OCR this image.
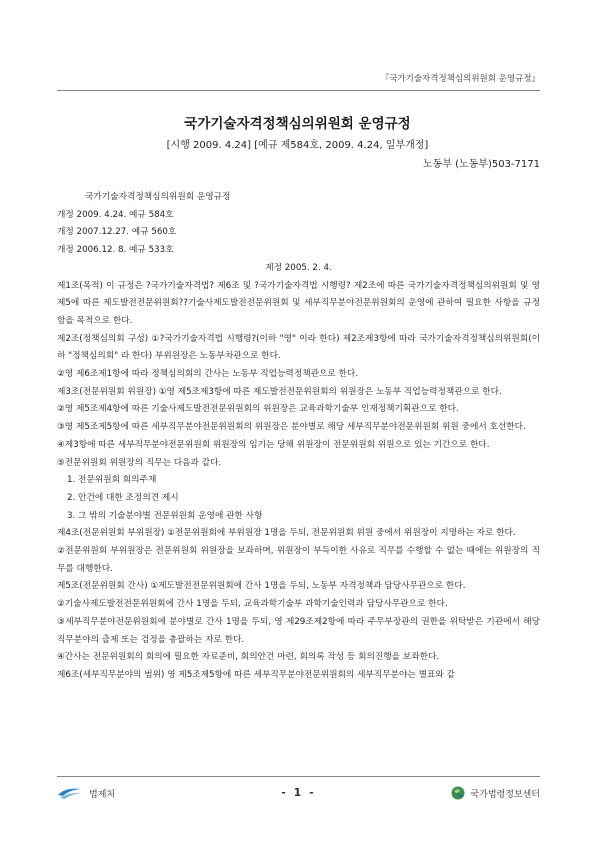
『국가기술자격정책심의위원회 운영규정』
국가기술자격정책심의위원회 운영규정
[시행 2009. 4.24] [예규 제584호, 2009. 4.24, 일부개정]
노동부 (노동부)503-7171

국가기술자격정책심의위원회 운영규정

개정 2009. 4.24. 예규 584호

개정 2007.12.27. 예규 560호

개정 2006.12. 8. 예규 533호

제정 2005. 2. 4.

제1조(목적) 이 규정은 ?국가기술자격법? 제6조 및 ?국가기술자격법 시행령? 제2조에 따른 국가기술자격정책심의위원회 및 영 제5에 따른 제도발전전문위원회??기술사제도발전전문위원회 및 세부직무분야전문위원회의 운영에 관하여 필요한 사항을 규정함을 목적으로 한다.

제2조(정책심의회 구성) ①?국가기술자격법 시행령?(이하 "영" 이라 한다) 제2조제3항에 따라 국가기술자격정책심의위원회(이하 "정책심의회" 라 한다) 부위원장은 노동부차관으로 한다.

②영 제6조제1항에 따라 정책심의회의 간사는 노동부 직업능력정책관으로 한다.

제3조(전문위원회 위원장) ①영 제5조제3항에 따른 제도발전전문위원회의 위원장은 노동부 직업능력정책관으로 한다.

②영 제5조제4항에 따른 기술사제도발전전문위원회의 위원장은 교육과학기술부 인재정책기획관으로 한다.

③영 제5조제5항에 따른 세부직무분야전문위원회의 위원장은 분야별로 해당 세부직무분야전문위원회 위원 중에서 호선한다.

④제3항에 따른 세부직무분야전문위원회 위원장의 임기는 당해 위원장이 전문위원회 위원으로 있는 기간으로 한다.

⑤전문위원회 위원장의 직무는 다음과 같다.

1. 전문위원회 회의주재

2. 안건에 대한 조정의견 제시

3. 그 밖의 기술분야별 전문위원회 운영에 관한 사항

제4조(전문위원회 부위원장) ①전문위원회에 부위원장 1명을 두되, 전문위원회 위원 중에서 위원장이 지명하는 자로 한다.

②전문위원회 부위원장은 전문위원회 위원장을 보좌하며, 위원장이 부득이한 사유로 직무를 수행할 수 없는 때에는 위원장의 직무를 대행한다.

제5조(전문위원회 간사) ①제도발전전문위원회에 간사 1명을 두되, 노동부 자격정책과 담당사무관으로 한다.

②기술사제도발전전문위원회에 간사 1명을 두되, 교육과학기술부 과학기술인력과 담당사무관으로 한다.

③세부직무분야전문위원회에 분야별로 간사 1명을 두되, 영 제29조제2항에 따라 주무부장관의 권한을 위탁받은 기관에서 해당 직무분야의 출제 또는 검정을 총괄하는 자로 한다.

④간사는 전문위원회의 회의에 필요한 자료준비, 회의안건 마련, 회의록 작성 등 회의진행을 보좌한다.

제6조(세부직무분야의 범위) 영 제5조제5항에 따른 세부직무분야전문위원회의 세부직무분야는 별표와 같

법제처	- 1 -	국가법령정보센터
